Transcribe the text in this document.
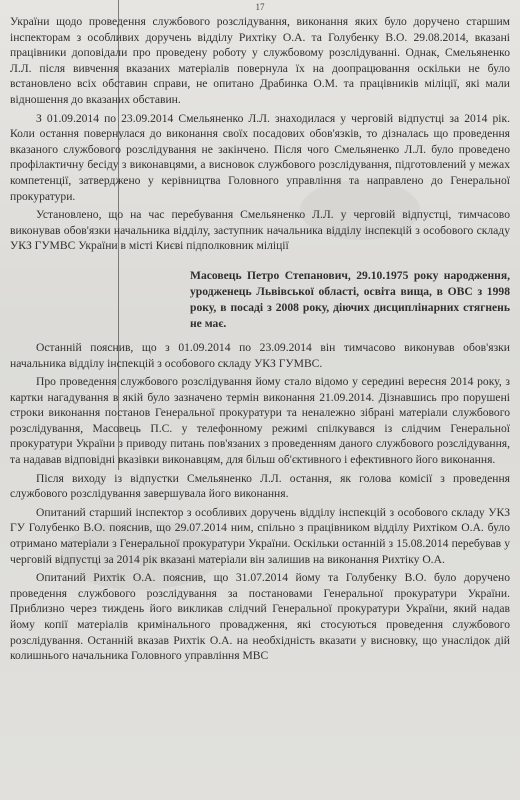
17

України щодо проведення службового розслідування, виконання яких було доручено старшим інспекторам з особливих доручень відділу Рихтіку О.А. та Голубенку В.О. 29.08.2014, вказані працівники доповідали про проведену роботу у службовому розслідуванні. Однак, Смельяненко Л.Л. після вивчення вказаних матеріалів повернула їх на доопрацювання оскільки не було встановлено всіх обставин справи, не опитано Драбинка О.М. та працівників міліції, які мали відношення до вказаних обставин.

З 01.09.2014 по 23.09.2014 Смельяненко Л.Л. знаходилася у черговій відпустці за 2014 рік. Коли остання повернулася до виконання своїх посадових обов'язків, то дізналась що проведення вказаного службового розслідування не закінчено. Після чого Смельяненко Л.Л. було проведено профілактичну бесіду з виконавцями, а висновок службового розслідування, підготовлений у межах компетенції, затверджено у керівництва Головного управління та направлено до Генеральної прокуратури.

Установлено, що на час перебування Смельяненко Л.Л. у черговій відпустці, тимчасово виконував обов'язки начальника відділу, заступник начальника відділу інспекцій з особового складу УКЗ ГУМВС України в місті Києві підполковник міліції

Масовець Петро Степанович, 29.10.1975 року народження, уродженець Львівської області, освіта вища, в ОВС з 1998 року, в посаді з 2008 року, діючих дисциплінарних стягнень не має.

Останній пояснив, що з 01.09.2014 по 23.09.2014 він тимчасово виконував обов'язки начальника відділу інспекцій з особового складу УКЗ ГУМВС.

Про проведення службового розслідування йому стало відомо у середині вересня 2014 року, з картки нагадування в якій було зазначено термін виконання 21.09.2014. Дізнавшись про порушені строки виконання постанов Генеральної прокуратури та неналежно зібрані матеріали службового розслідування, Масовець П.С. у телефонному режимі спілкувався із слідчим Генеральної прокуратури України з приводу питань пов'язаних з проведенням даного службового розслідування, та надавав відповідні вказівки виконавцям, для більш об'єктивного і ефективного його виконання.

Після виходу із відпустки Смельяненко Л.Л. остання, як голова комісії з проведення службового розслідування завершувала його виконання.

Опитаний старший інспектор з особливих доручень відділу інспекцій з особового складу УКЗ ГУ Голубенко В.О. пояснив, що 29.07.2014 ним, спільно з працівником відділу Рихтіком О.А. було отримано матеріали з Генеральної прокуратури України. Оскільки останній з 15.08.2014 перебував у черговій відпустці за 2014 рік вказані матеріали він залишив на виконання Рихтіку О.А.

Опитаний Рихтік О.А. пояснив, що 31.07.2014 йому та Голубенку В.О. було доручено проведення службового розслідування за постановами Генеральної прокуратури України. Приблизно через тиждень його викликав слідчий Генеральної прокуратури України, який надав йому копії матеріалів кримінального провадження, які стосуються проведення службового розслідування. Останній вказав Рихтік О.А. на необхідність вказати у висновку, що унаслідок дій колишнього начальника Головного управління МВС
